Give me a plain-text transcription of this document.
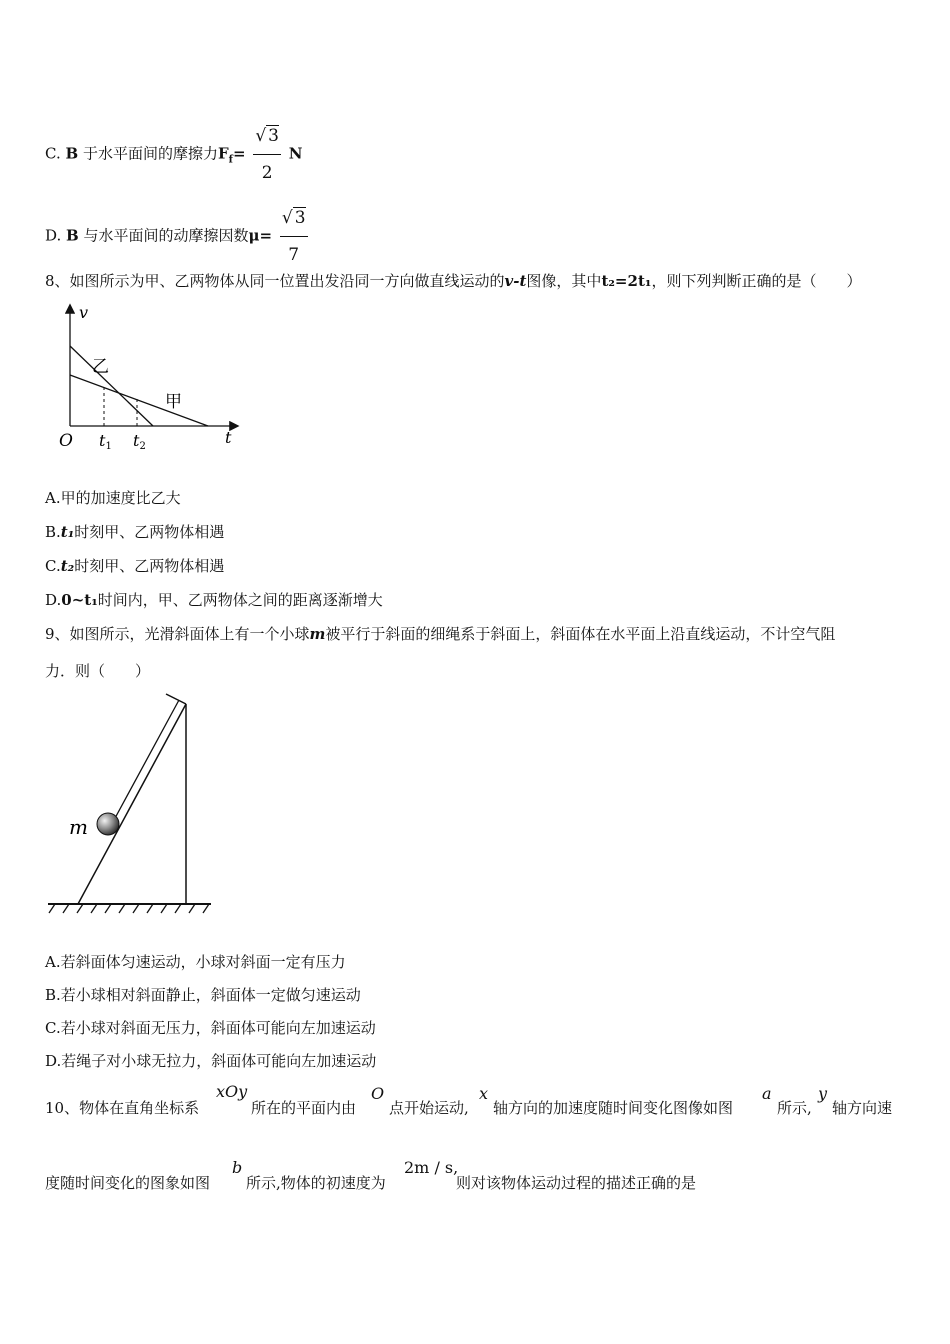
C. B 于水平面间的摩擦力$F_f= \frac{√ 3}{2}$ N
D. B 与水平面间的动摩擦因数$\mu= \frac{√ 3}{7}$
8、如图所示为甲、乙两物体从同一位置出发沿同一方向做直线运动的v-t图像，其中t₂=2t₁，则下列判断正确的是（　　）
v
t
O t1 t2
乙
甲
A.甲的加速度比乙大
B.t₁时刻甲、乙两物体相遇
C.t₂时刻甲、乙两物体相遇
D.0~t₁时间内，甲、乙两物体之间的距离逐渐增大
9、如图所示，光滑斜面体上有一个小球m被平行于斜面的细绳系于斜面上，斜面体在水平面上沿直线运动，不计空气阻
力．则（　　）
m
A.若斜面体匀速运动，小球对斜面一定有压力
B.若小球相对斜面静止，斜面体一定做匀速运动
C.若小球对斜面无压力，斜面体可能向左加速运动
D.若绳子对小球无拉力，斜面体可能向左加速运动
10、物体在直角坐标系
xOy
所在的平面内由
O
点开始运动,
x
轴方向的加速度随时间变化图像如图
a
所示,
y
轴方向速
度随时间变化的图象如图
b
所示,物体的初速度为
2m / s,
则对该物体运动过程的描述正确的是
